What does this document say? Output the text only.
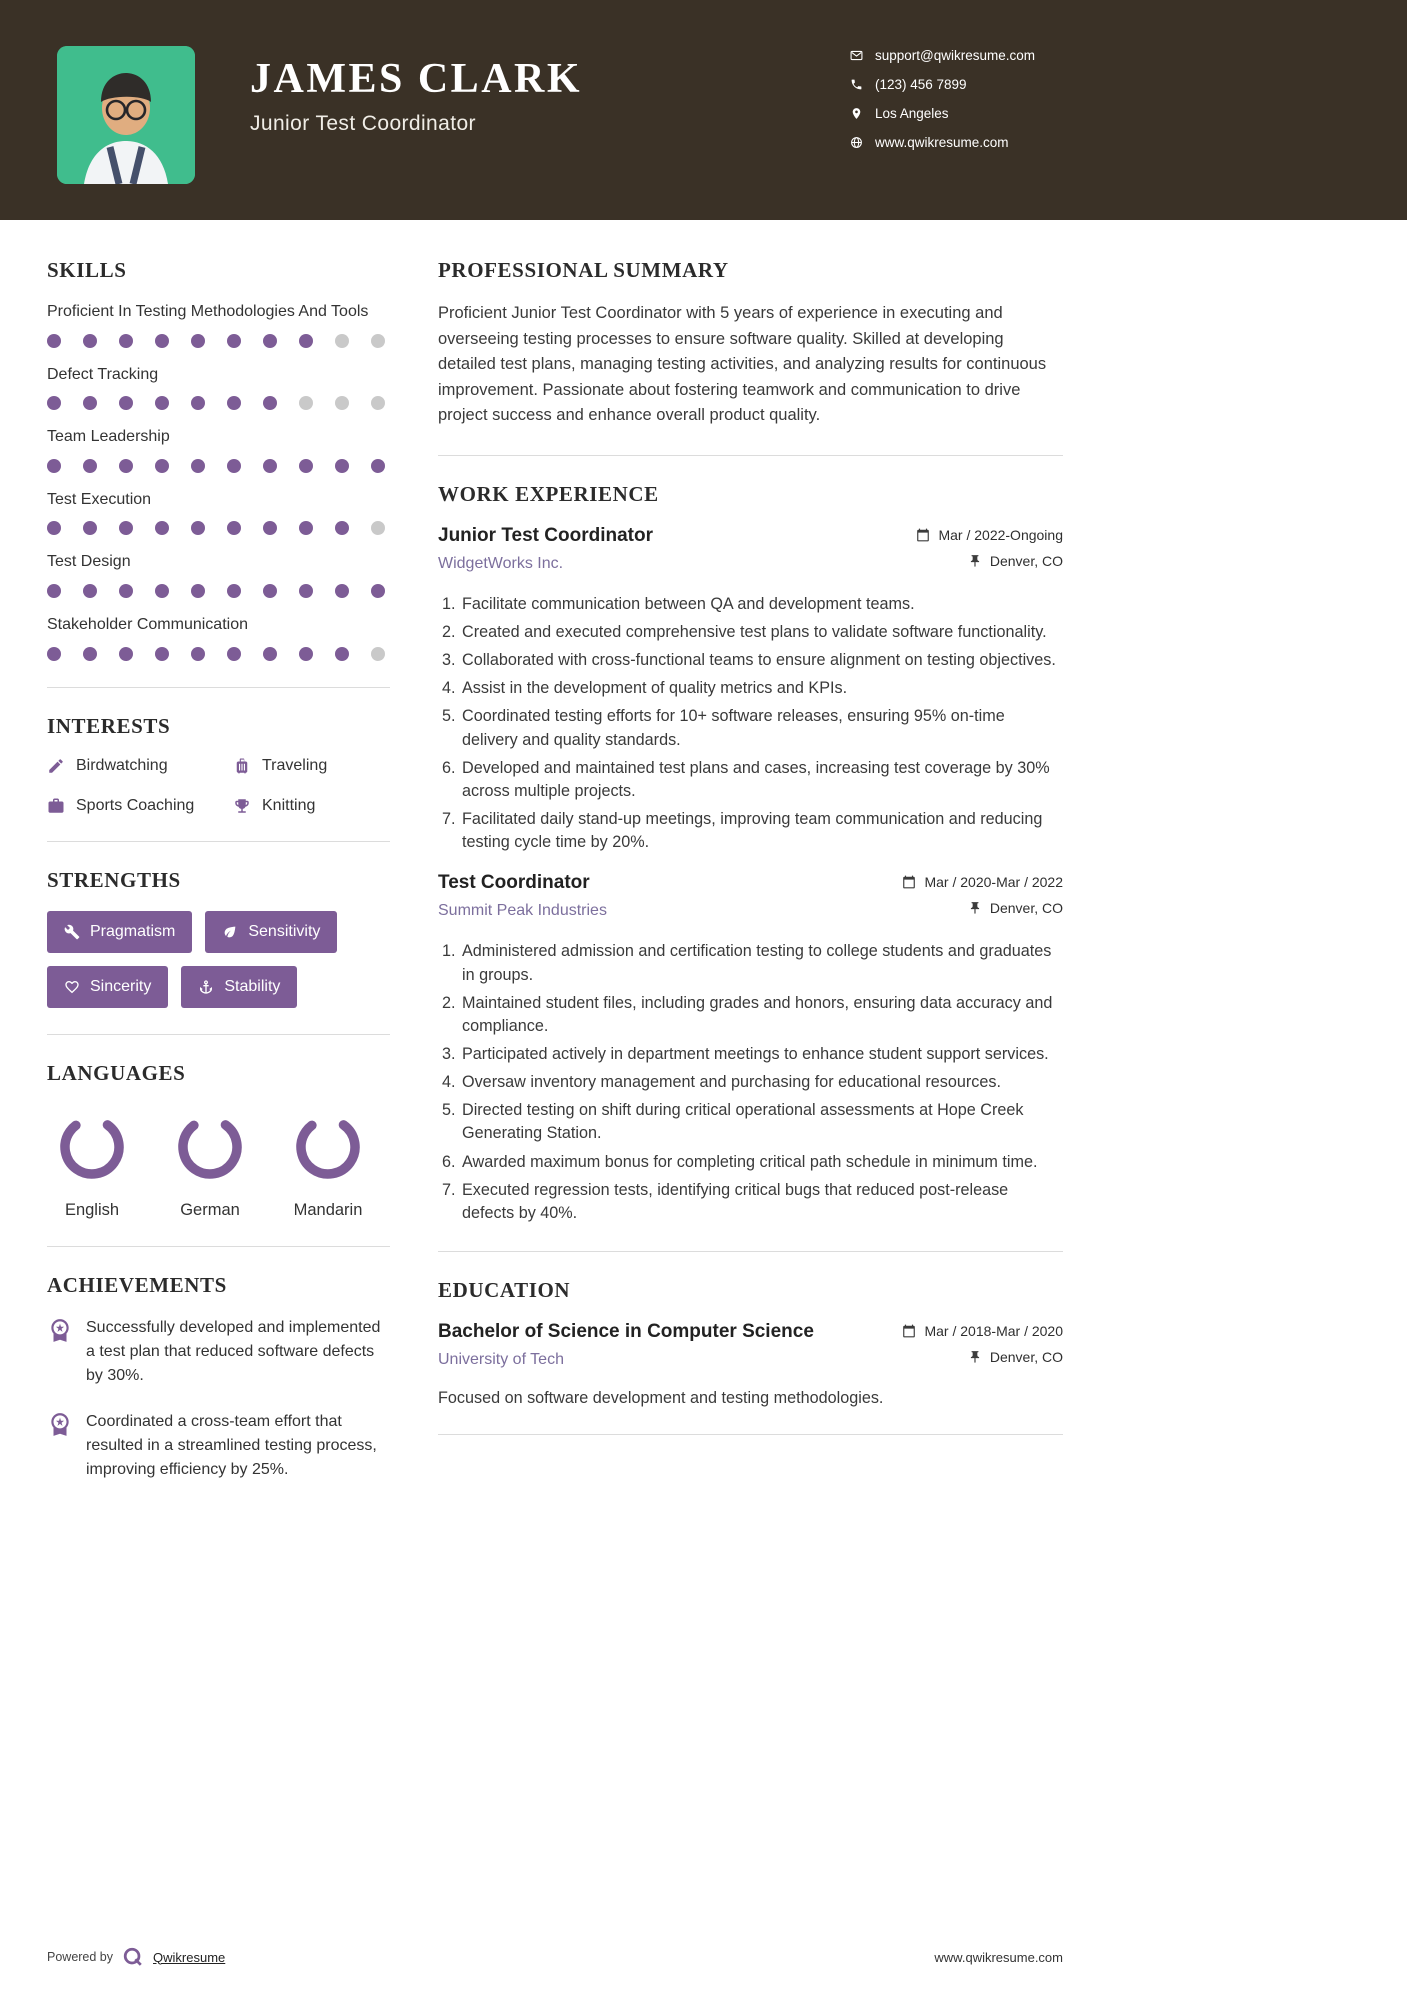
JAMES CLARK
Junior Test Coordinator
support@qwikresume.com
(123) 456 7899
Los Angeles
www.qwikresume.com
SKILLS
Proficient In Testing Methodologies And Tools
Defect Tracking
Team Leadership
Test Execution
Test Design
Stakeholder Communication
INTERESTS
Birdwatching	Traveling
Sports Coaching	Knitting
STRENGTHS
Pragmatism	Sensitivity
Sincerity	Stability
LANGUAGES
English	German	Mandarin
ACHIEVEMENTS
Successfully developed and implemented a test plan that reduced software defects by 30%.
Coordinated a cross-team effort that resulted in a streamlined testing process, improving efficiency by 25%.
PROFESSIONAL SUMMARY

Proficient Junior Test Coordinator with 5 years of experience in executing and overseeing testing processes to ensure software quality. Skilled at developing detailed test plans, managing testing activities, and analyzing results for continuous improvement. Passionate about fostering teamwork and communication to drive project success and enhance overall product quality.

WORK EXPERIENCE
Junior Test Coordinator
WidgetWorks Inc.
Mar / 2022-Ongoing
Denver, CO
1. Facilitate communication between QA and development teams.
2. Created and executed comprehensive test plans to validate software functionality.
3. Collaborated with cross-functional teams to ensure alignment on testing objectives.
4. Assist in the development of quality metrics and KPIs.
5. Coordinated testing efforts for 10+ software releases, ensuring 95% on-time delivery and quality standards.
6. Developed and maintained test plans and cases, increasing test coverage by 30% across multiple projects.
7. Facilitated daily stand-up meetings, improving team communication and reducing testing cycle time by 20%.
Test Coordinator
Summit Peak Industries
Mar / 2020-Mar / 2022
Denver, CO
1. Administered admission and certification testing to college students and graduates in groups.
2. Maintained student files, including grades and honors, ensuring data accuracy and compliance.
3. Participated actively in department meetings to enhance student support services.
4. Oversaw inventory management and purchasing for educational resources.
5. Directed testing on shift during critical operational assessments at Hope Creek Generating Station.
6. Awarded maximum bonus for completing critical path schedule in minimum time.
7. Executed regression tests, identifying critical bugs that reduced post-release defects by 40%.
EDUCATION
Bachelor of Science in Computer Science
University of Tech
Mar / 2018-Mar / 2020
Denver, CO

Focused on software development and testing methodologies.

Powered by	Qwikresume	www.qwikresume.com
